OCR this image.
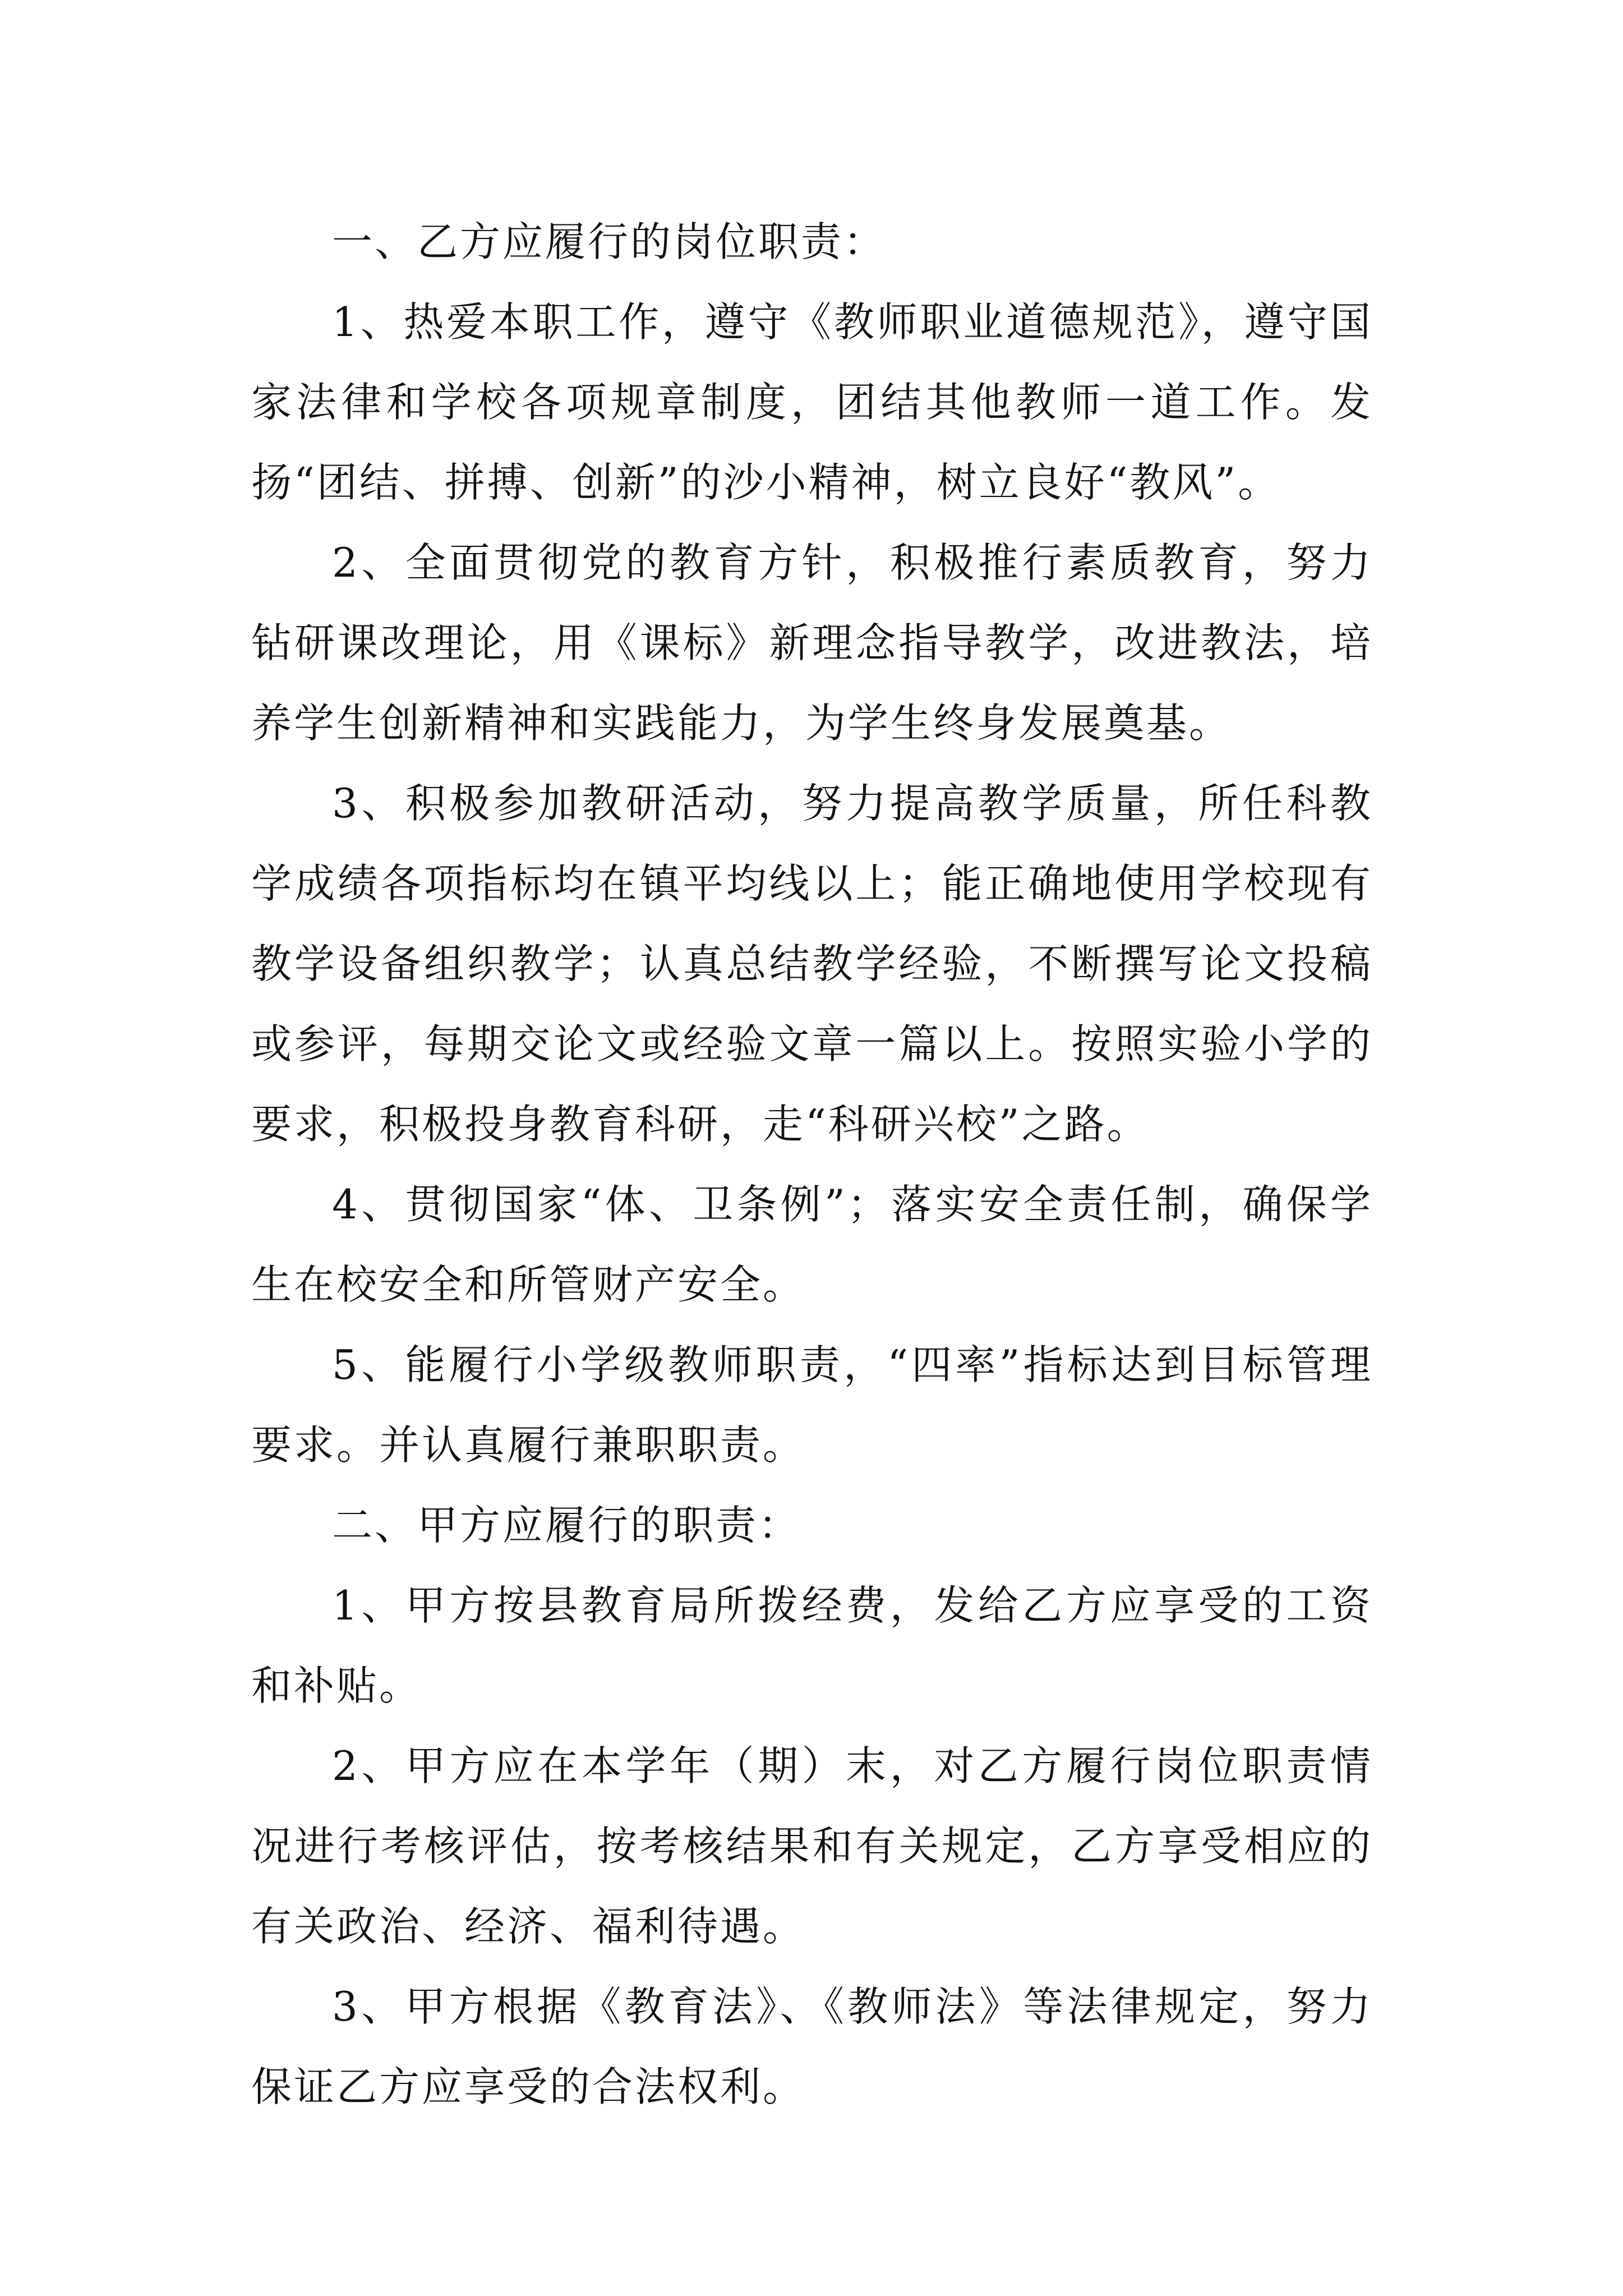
一、乙方应履行的岗位职责：

1、热爱本职工作，遵守《教师职业道德规范》，遵守国家法律和学校各项规章制度，团结其他教师一道工作。发扬“团结、拼搏、创新”的沙小精神，树立良好“教风”。

2、全面贯彻党的教育方针，积极推行素质教育，努力钻研课改理论，用《课标》新理念指导教学，改进教法，培养学生创新精神和实践能力，为学生终身发展奠基。

3、积极参加教研活动，努力提高教学质量，所任科教学成绩各项指标均在镇平均线以上；能正确地使用学校现有教学设备组织教学；认真总结教学经验，不断撰写论文投稿或参评，每期交论文或经验文章一篇以上。按照实验小学的要求，积极投身教育科研，走“科研兴校”之路。

4、贯彻国家“体、卫条例”；落实安全责任制，确保学生在校安全和所管财产安全。

5、能履行小学级教师职责，“四率”指标达到目标管理要求。并认真履行兼职职责。

二、甲方应履行的职责：

1、甲方按县教育局所拨经费，发给乙方应享受的工资和补贴。

2、甲方应在本学年（期）末，对乙方履行岗位职责情况进行考核评估，按考核结果和有关规定，乙方享受相应的有关政治、经济、福利待遇。

3、甲方根据《教育法》、《教师法》等法律规定，努力保证乙方应享受的合法权利。
